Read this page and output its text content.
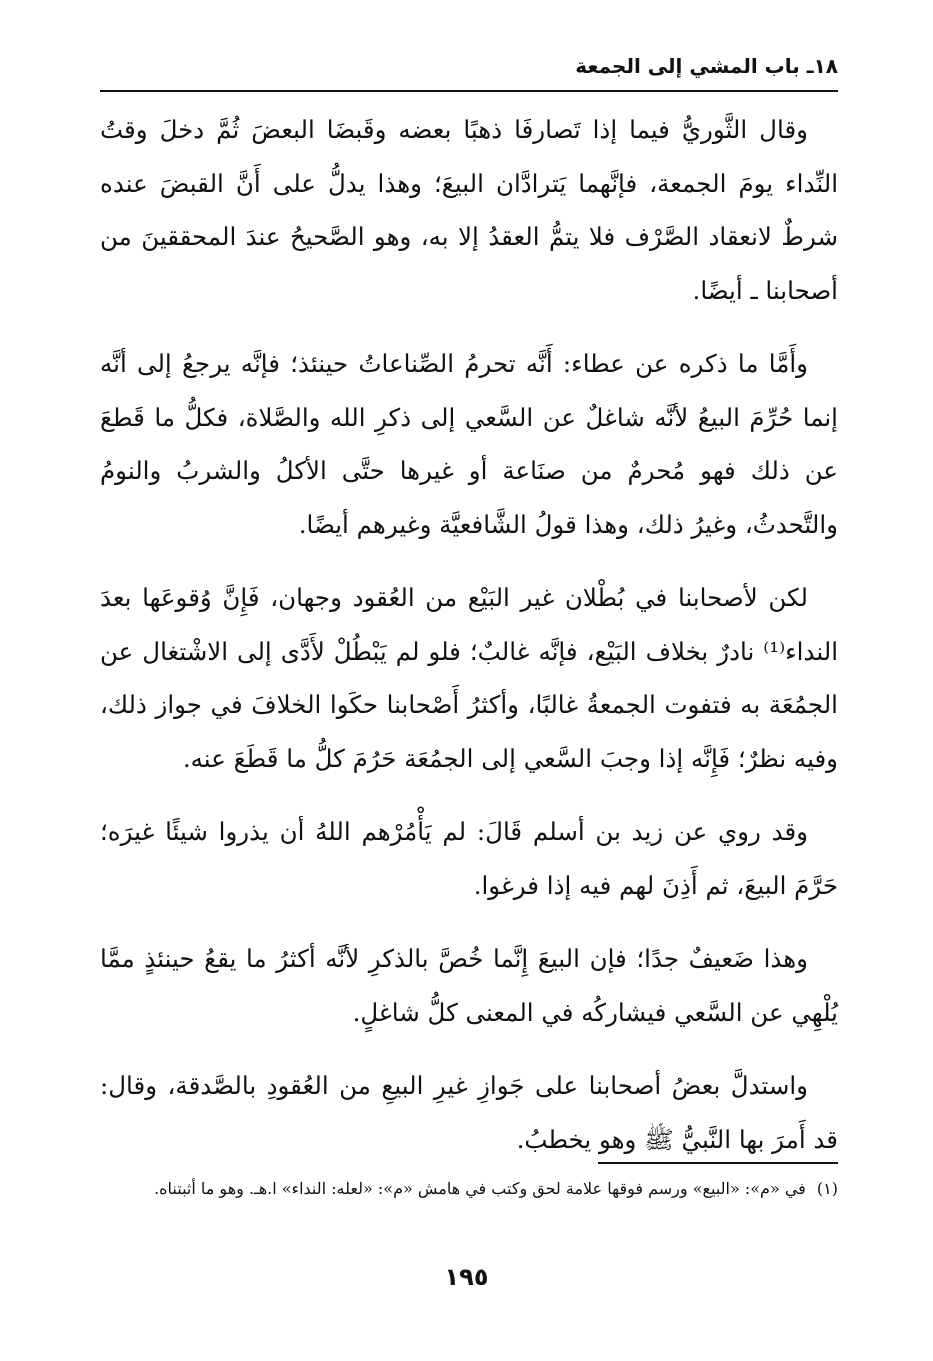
١٨ـ باب المشي إلى الجمعة

وقال الثَّوريُّ فيما إذا تَصارفَا ذهبًا بعضه وقَبضَا البعضَ ثُمَّ دخلَ وقتُ النِّداء يومَ الجمعة، فإنَّهما يَترادَّان البيعَ؛ وهذا يدلُّ على أَنَّ القبضَ عنده شرطٌ لانعقاد الصَّرْف فلا يتمُّ العقدُ إلا به، وهو الصَّحيحُ عندَ المحققينَ من أصحابنا ـ أيضًا.

وأَمَّا ما ذكره عن عطاء: أَنَّه تحرمُ الصِّناعاتُ حينئذ؛ فإنَّه يرجعُ إلى أنَّه إنما حُرِّمَ البيعُ لأنَّه شاغلٌ عن السَّعي إلى ذكرِ الله والصَّلاة، فكلُّ ما قَطعَ عن ذلك فهو مُحرمٌ من صنَاعة أو غيرها حتَّى الأكلُ والشربُ والنومُ والتَّحدثُ، وغيرُ ذلك، وهذا قولُ الشَّافعيَّة وغيرهم أيضًا.

لكن لأصحابنا في بُطْلان غير البَيْع من العُقود وجهان، فَإِنَّ وُقوعَها بعدَ النداء⁽¹⁾ نادرٌ بخلاف البَيْع، فإنَّه غالبٌ؛ فلو لم يَبْطُلْ لأَدَّى إلى الاشْتغال عن الجمُعَة به فتفوت الجمعةُ غالبًا، وأكثرُ أَصْحابنا حكَوا الخلافَ في جواز ذلك، وفيه نظرٌ؛ فَإِنَّه إذا وجبَ السَّعي إلى الجمُعَة حَرُمَ كلُّ ما قَطَعَ عنه.

وقد روي عن زيد بن أسلم قَالَ: لم يَأْمُرْهم اللهُ أن يذروا شيئًا غيرَه؛ حَرَّمَ البيعَ، ثم أَذِنَ لهم فيه إذا فرغوا.

وهذا ضَعيفٌ جدًا؛ فإن البيعَ إِنَّما خُصَّ بالذكرِ لأنَّه أكثرُ ما يقعُ حينئذٍ ممَّا يُلْهِي عن السَّعي فيشاركُه في المعنى كلُّ شاغلٍ.

واستدلَّ بعضُ أصحابنا على جَوازِ غيرِ البيعِ من العُقودِ بالصَّدقة، وقال: قد أَمرَ بها النَّبيُّ ﷺ وهو يخطبُ.

(١) في «م»: «البيع» ورسم فوقها علامة لحق وكتب في هامش «م»: «لعله: النداء» ا.هـ. وهو ما أثبتناه.
١٩٥
